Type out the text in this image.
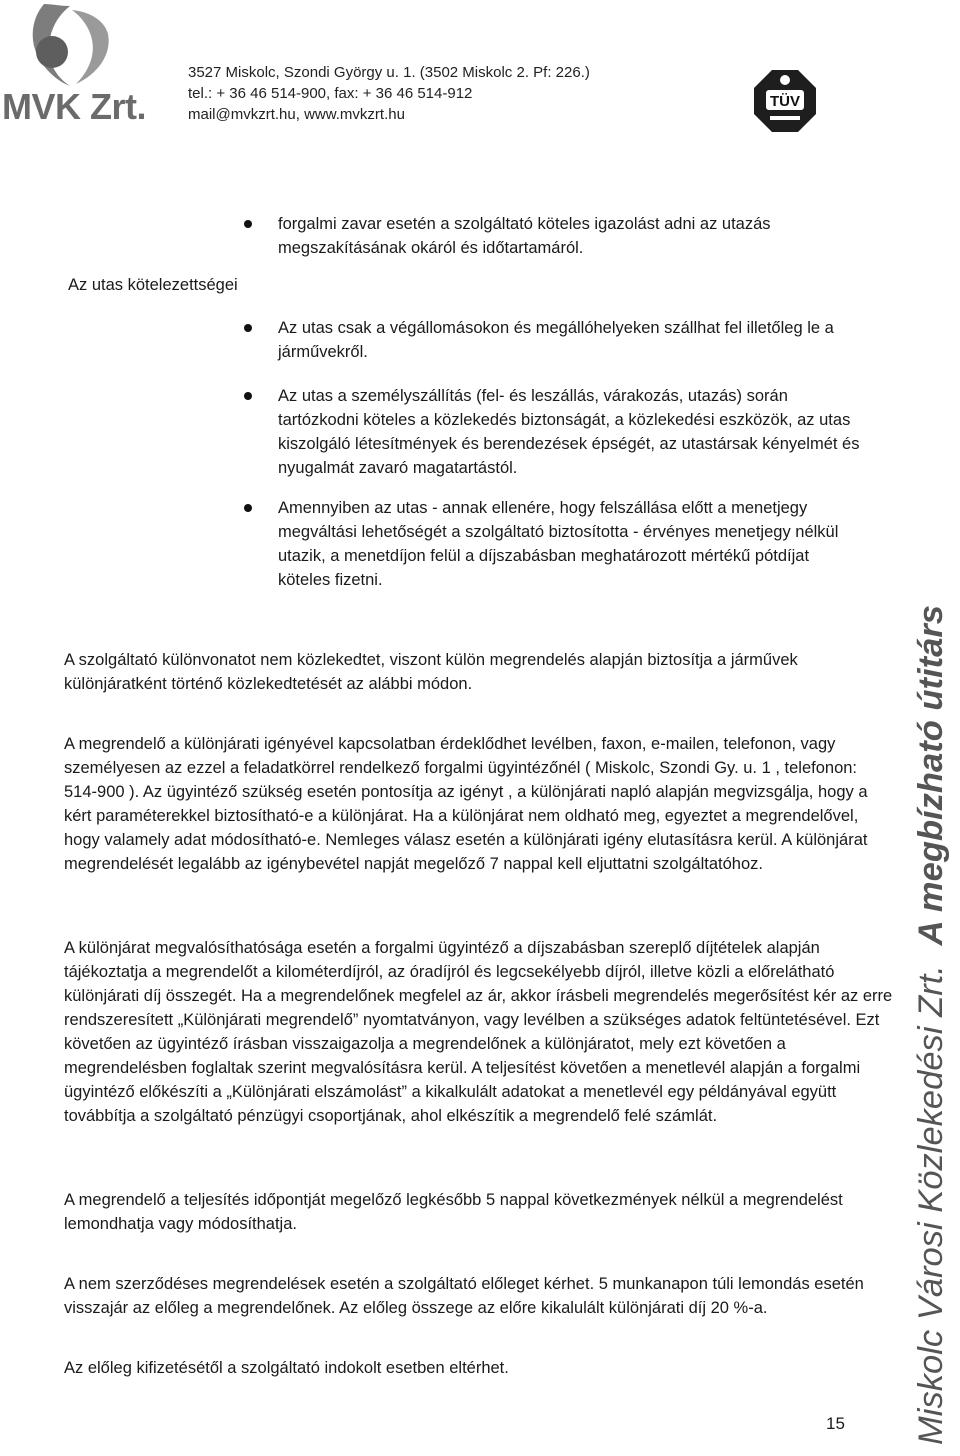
MVK Zrt.
3527 Miskolc, Szondi György u. 1. (3502 Miskolc 2. Pf: 226.)
tel.: + 36 46 514-900, fax: + 36 46 514-912
mail@mvkzrt.hu, www.mvkzrt.hu
TÜV
Az utas kötelezettségei
forgalmi zavar esetén a szolgáltató köteles igazolást adni az utazás megszakításának okáról és időtartamáról.
Az utas csak a végállomásokon és megállóhelyeken szállhat fel illetőleg le a járművekről.
Az utas a személyszállítás (fel- és leszállás, várakozás, utazás) során tartózkodni köteles a közlekedés biztonságát, a közlekedési eszközök, az utas kiszolgáló létesítmények és berendezések épségét, az utastársak kényelmét és nyugalmát zavaró magatartástól.
Amennyiben az utas - annak ellenére, hogy felszállása előtt a menetjegy megváltási lehetőségét a szolgáltató biztosította - érvényes menetjegy nélkül utazik, a menetdíjon felül a díjszabásban meghatározott mértékű pótdíjat köteles fizetni.
A szolgáltató különvonatot nem közlekedtet, viszont külön megrendelés alapján biztosítja a járművek különjáratként történő közlekedtetését az alábbi módon.
A megrendelő a különjárati igényével kapcsolatban érdeklődhet levélben, faxon, e-mailen, telefonon, vagy személyesen az ezzel a feladatkörrel rendelkező forgalmi ügyintézőnél ( Miskolc, Szondi Gy. u. 1 , telefonon: 514-900 ). Az ügyintéző szükség esetén pontosítja az igényt , a különjárati napló alapján megvizsgálja, hogy a kért paraméterekkel biztosítható-e a különjárat. Ha a különjárat nem oldható meg, egyeztet a megrendelővel, hogy valamely adat módosítható-e. Nemleges válasz esetén a különjárati igény elutasításra kerül. A különjárat megrendelését legalább az igénybevétel napját megelőző 7 nappal kell eljuttatni szolgáltatóhoz.
A különjárat megvalósíthatósága esetén a forgalmi ügyintéző a díjszabásban szereplő díjtételek alapján tájékoztatja a megrendelőt a kilométerdíjról, az óradíjról és legcsekélyebb díjról, illetve közli a előrelátható különjárati díj összegét. Ha a megrendelőnek megfelel az ár, akkor írásbeli megrendelés megerősítést kér az erre rendszeresített „Különjárati megrendelő” nyomtatványon, vagy levélben a szükséges adatok feltüntetésével. Ezt követően az ügyintéző írásban visszaigazolja a megrendelőnek a különjáratot, mely ezt követően a megrendelésben foglaltak szerint megvalósításra kerül. A teljesítést követően a menetlevél alapján a forgalmi ügyintéző előkészíti a „Különjárati elszámolást” a kikalkulált adatokat a menetlevél egy példányával együtt továbbítja a szolgáltató pénzügyi csoportjának, ahol elkészítik a megrendelő felé számlát.
A megrendelő a teljesítés időpontját megelőző legkésőbb 5 nappal következmények nélkül a megrendelést lemondhatja vagy módosíthatja.
A nem szerződéses megrendelések esetén a szolgáltató előleget kérhet. 5 munkanapon túli lemondás esetén visszajár az előleg a megrendelőnek. Az előleg összege az előre kikalulált különjárati díj 20 %-a.
Az előleg kifizetésétől a szolgáltató indokolt esetben eltérhet.	Miskolc Városi Közlekedési Zrt. A megbízható útitárs
15
